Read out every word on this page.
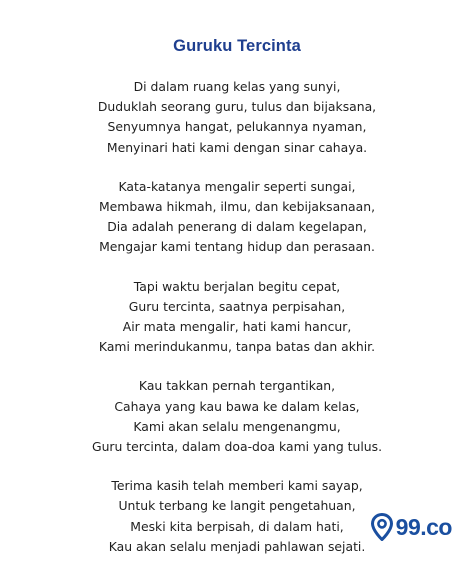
Guruku Tercinta
Di dalam ruang kelas yang sunyi,
Duduklah seorang guru, tulus dan bijaksana,
Senyumnya hangat, pelukannya nyaman,
Menyinari hati kami dengan sinar cahaya.
Kata-katanya mengalir seperti sungai,
Membawa hikmah, ilmu, dan kebijaksanaan,
Dia adalah penerang di dalam kegelapan,
Mengajar kami tentang hidup dan perasaan.
Tapi waktu berjalan begitu cepat,
Guru tercinta, saatnya perpisahan,
Air mata mengalir, hati kami hancur,
Kami merindukanmu, tanpa batas dan akhir.
Kau takkan pernah tergantikan,
Cahaya yang kau bawa ke dalam kelas,
Kami akan selalu mengenangmu,
Guru tercinta, dalam doa-doa kami yang tulus.
Terima kasih telah memberi kami sayap,
Untuk terbang ke langit pengetahuan,
Meski kita berpisah, di dalam hati,
Kau akan selalu menjadi pahlawan sejati.
99.co
